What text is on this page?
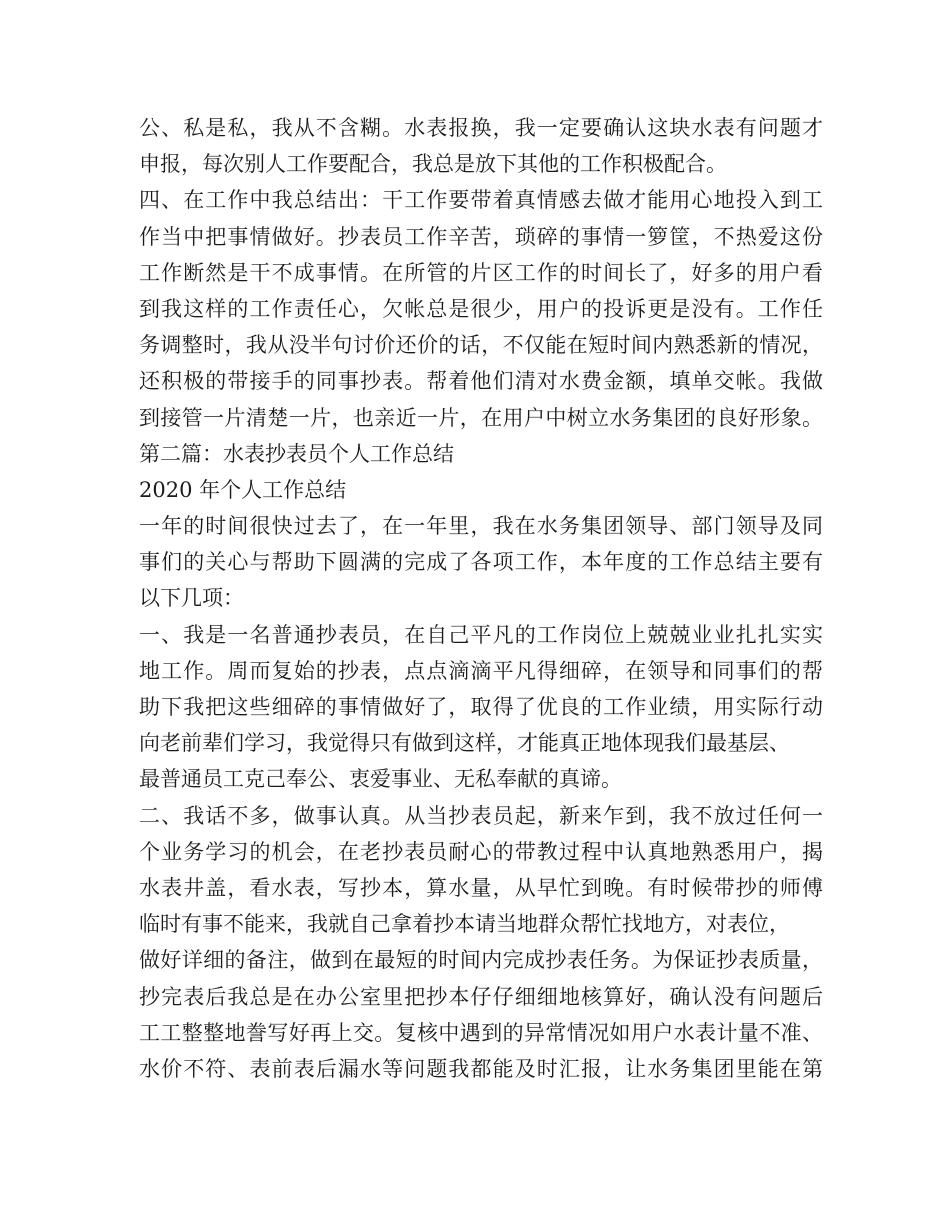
公、私是私，我从不含糊。水表报换，我一定要确认这块水表有问题才
申报，每次别人工作要配合，我总是放下其他的工作积极配合。
四、在工作中我总结出：干工作要带着真情感去做才能用心地投入到工
作当中把事情做好。抄表员工作辛苦，琐碎的事情一箩筐，不热爱这份
工作断然是干不成事情。在所管的片区工作的时间长了，好多的用户看
到我这样的工作责任心，欠帐总是很少，用户的投诉更是没有。工作任
务调整时，我从没半句讨价还价的话，不仅能在短时间内熟悉新的情况，
还积极的带接手的同事抄表。帮着他们清对水费金额，填单交帐。我做
到接管一片清楚一片，也亲近一片，在用户中树立水务集团的良好形象。
第二篇：水表抄表员个人工作总结
2020 年个人工作总结
一年的时间很快过去了，在一年里，我在水务集团领导、部门领导及同
事们的关心与帮助下圆满的完成了各项工作，本年度的工作总结主要有
以下几项：
一、我是一名普通抄表员，在自己平凡的工作岗位上兢兢业业扎扎实实
地工作。周而复始的抄表，点点滴滴平凡得细碎，在领导和同事们的帮
助下我把这些细碎的事情做好了，取得了优良的工作业绩，用实际行动
向老前辈们学习，我觉得只有做到这样，才能真正地体现我们最基层、
最普通员工克己奉公、衷爱事业、无私奉献的真谛。
二、我话不多，做事认真。从当抄表员起，新来乍到，我不放过任何一
个业务学习的机会，在老抄表员耐心的带教过程中认真地熟悉用户，揭
水表井盖，看水表，写抄本，算水量，从早忙到晚。有时候带抄的师傅
临时有事不能来，我就自己拿着抄本请当地群众帮忙找地方，对表位，
做好详细的备注，做到在最短的时间内完成抄表任务。为保证抄表质量，
抄完表后我总是在办公室里把抄本仔仔细细地核算好，确认没有问题后
工工整整地誊写好再上交。复核中遇到的异常情况如用户水表计量不准、
水价不符、表前表后漏水等问题我都能及时汇报，让水务集团里能在第
